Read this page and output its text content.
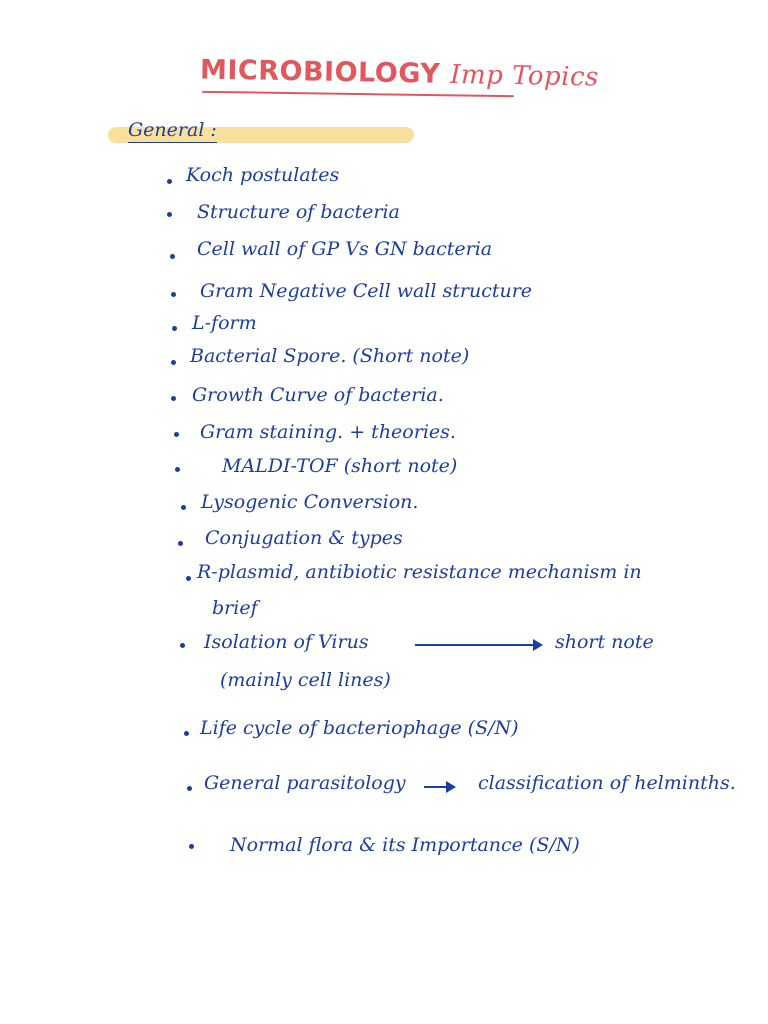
MICROBIOLOGY Imp Topics
General :
Koch postulates
Structure of bacteria
Cell wall of GP Vs GN bacteria
Gram Negative Cell wall structure
L-form
Bacterial Spore. (Short note)
Growth Curve of bacteria.
Gram staining. + theories.
MALDI-TOF (short note)
Lysogenic Conversion.
Conjugation & types
R-plasmid, antibiotic resistance mechanism in
brief
Isolation of Virus	short note
(mainly cell lines)
Life cycle of bacteriophage (S/N)
General parasitology	classification of helminths.
Normal flora & its Importance (S/N)
